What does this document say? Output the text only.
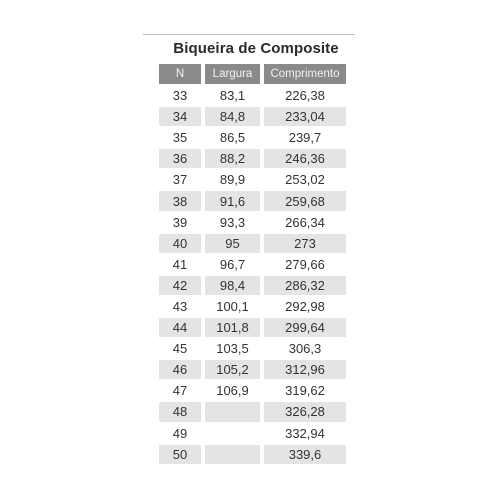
Biqueira de Composite
N		Largura		Comprimento
33		83,1		226,38
34		84,8		233,04
35		86,5		239,7
36		88,2		246,36
37		89,9		253,02
38		91,6		259,68
39		93,3		266,34
40		95		273
41		96,7		279,66
42		98,4		286,32
43		100,1		292,98
44		101,8		299,64
45		103,5		306,3
46		105,2		312,96
47		106,9		319,62
48				326,28
49				332,94
50				339,6
